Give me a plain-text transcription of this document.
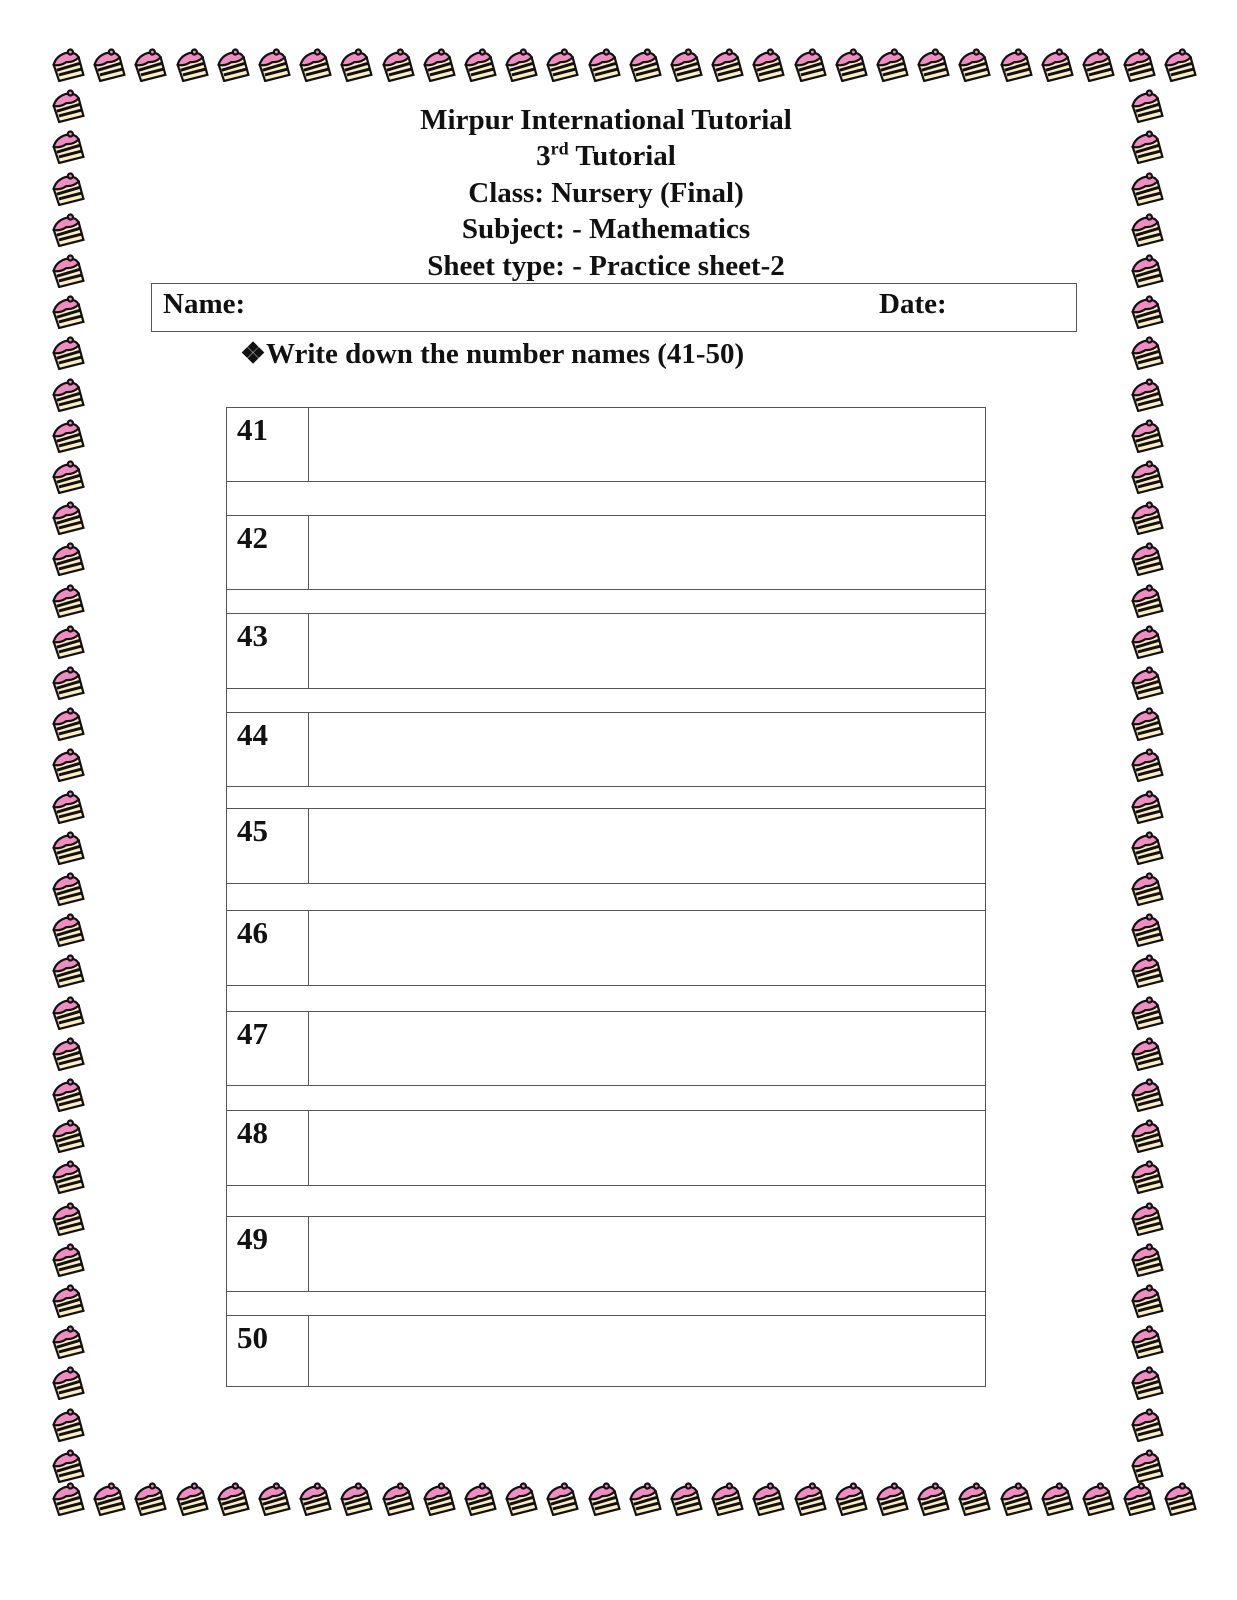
Mirpur International Tutorial
3rd Tutorial
Class: Nursery (Final)
Subject: - Mathematics
Sheet type: - Practice sheet-2
Name:	Date:
❖Write down the number names (41-50)
41
42
43
44
45
46
47
48
49
50
